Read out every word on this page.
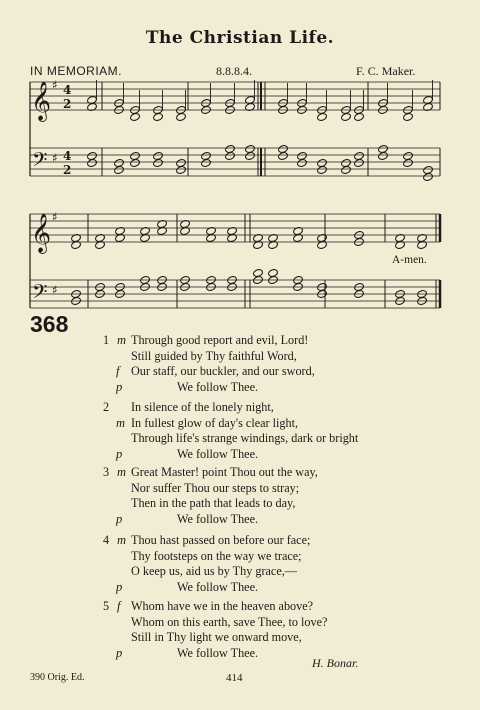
The Christian Life.
IN MEMORIAM.	8.8.8.4.	F. C. Maker.
𝄞
𝄢
♯
♯
4
2
4
2
𝄞
𝄢
♯
♯
A-men.
368
1 m Through good report and evil, Lord!
Still guided by Thy faithful Word,
f Our staff, our buckler, and our sword,
p	We follow Thee.
2 In silence of the lonely night,
m In fullest glow of day's clear light,
Through life's strange windings, dark or bright
p	We follow Thee.
3 m Great Master! point Thou out the way,
Nor suffer Thou our steps to stray;
Then in the path that leads to day,
p	We follow Thee.
4 m Thou hast passed on before our face;
Thy footsteps on the way we trace;
O keep us, aid us by Thy grace,—
p	We follow Thee.
5 f Whom have we in the heaven above?
Whom on this earth, save Thee, to love?
Still in Thy light we onward move,
p	We follow Thee.
H. Bonar.
390 Orig. Ed.	414
